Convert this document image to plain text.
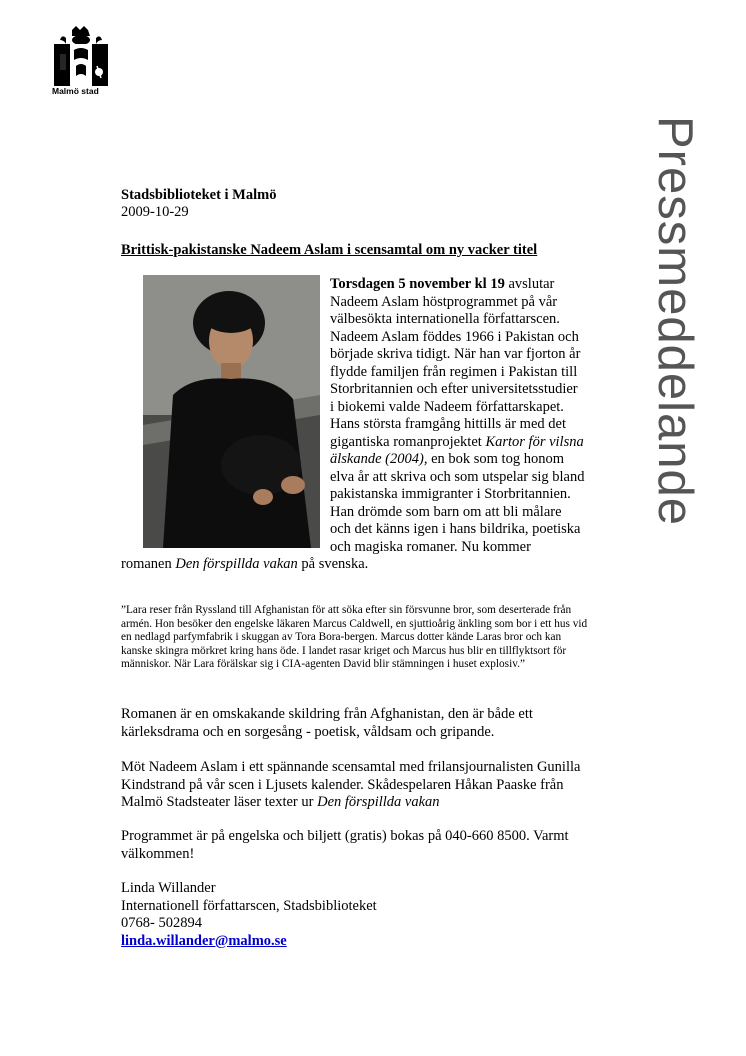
Malmö stad
Pressmeddelande
Stadsbiblioteket i Malmö
2009-10-29
Brittisk-pakistanske Nadeem Aslam i scensamtal om ny vacker titel
Torsdagen 5 november kl 19 avslutar Nadeem Aslam höstprogrammet på vår välbesökta internationella författarscen. Nadeem Aslam föddes 1966 i Pakistan och började skriva tidigt. När han var fjorton år flydde familjen från regimen i Pakistan till Storbritannien och efter universitetsstudier i biokemi valde Nadeem författarskapet. Hans största framgång hittills är med det gigantiska romanprojektet Kartor för vilsna älskande (2004), en bok som tog honom elva år att skriva och som utspelar sig bland pakistanska immigranter i Storbritannien. Han drömde som barn om att bli målare och det känns igen i hans bildrika, poetiska och magiska romaner. Nu kommer romanen Den förspillda vakan på svenska.
”Lara reser från Ryssland till Afghanistan för att söka efter sin försvunne bror, som deserterade från armén. Hon besöker den engelske läkaren Marcus Caldwell, en sjuttioårig änkling som bor i ett hus vid en nedlagd parfymfabrik i skuggan av Tora Bora-bergen. Marcus dotter kände Laras bror och kan kanske skingra mörkret kring hans öde. I landet rasar kriget och Marcus hus blir en tillflyktsort för människor. När Lara förälskar sig i CIA-agenten David blir stämningen i huset explosiv.”
Romanen är en omskakande skildring från Afghanistan, den är både ett kärleksdrama och en sorgesång - poetisk, våldsam och gripande.
Möt Nadeem Aslam i ett spännande scensamtal med frilansjournalisten Gunilla Kindstrand på vår scen i Ljusets kalender. Skådespelaren Håkan Paaske från Malmö Stadsteater läser texter ur Den förspillda vakan
Programmet är på engelska och biljett (gratis) bokas på 040-660 8500. Varmt välkommen!
Linda Willander
Internationell författarscen, Stadsbiblioteket
0768- 502894
linda.willander@malmo.se
